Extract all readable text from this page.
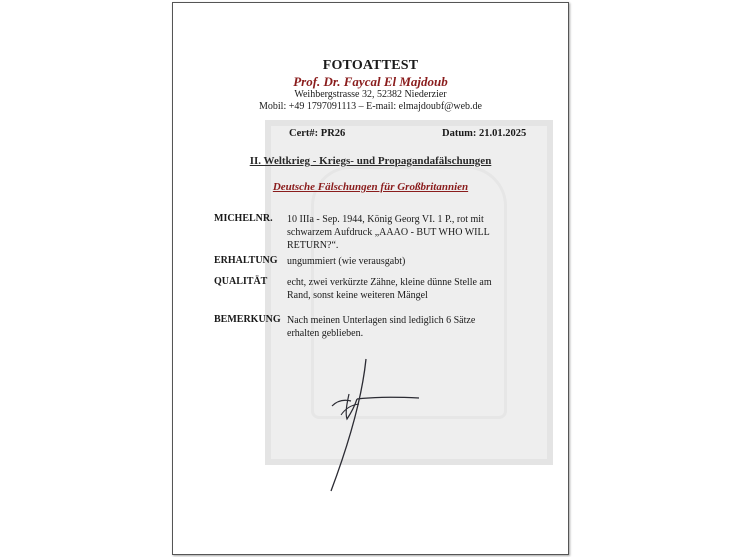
FOTOATTEST
Prof. Dr. Faycal El Majdoub
Weihbergstrasse 32, 52382 Niederzier
Mobil: +49 1797091113 – E-mail: elmajdoubf@web.de
Cert#: PR26	Datum: 21.01.2025
II. Weltkrieg - Kriegs- und Propagandafälschungen
Deutsche Fälschungen für Großbritannien
MICHELNR. 10 IIIa - Sep. 1944, König Georg VI. 1 P., rot mit
schwarzem Aufdruck „AAAO - BUT WHO WILL
RETURN?“.
ERHALTUNG ungummiert (wie verausgabt)
QUALITÄT echt, zwei verkürzte Zähne, kleine dünne Stelle am
Rand, sonst keine weiteren Mängel
BEMERKUNG Nach meinen Unterlagen sind lediglich 6 Sätze
erhalten geblieben.
